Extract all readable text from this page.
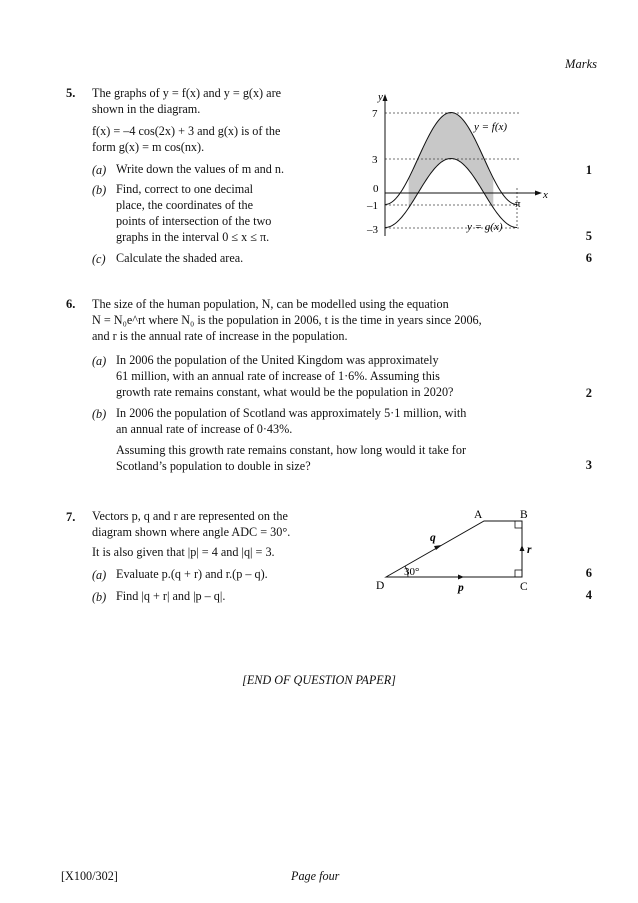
Marks
5. The graphs of y = f(x) and y = g(x) are
shown in the diagram.
f(x) = –4 cos(2x) + 3 and g(x) is of the
form g(x) = m cos(nx).
(a) Write down the values of m and n.
(b) Find, correct to one decimal
place, the coordinates of the
points of intersection of the two
graphs in the interval 0 ≤ x ≤ π.
(c) Calculate the shaded area.
1
5
6
y
x
7
3
0
–1
–3
π
y = f(x)
y = g(x)
6. The size of the human population, N, can be modelled using the equation
N = N₀e^rt where N₀ is the population in 2006, t is the time in years since 2006,
and r is the annual rate of increase in the population.
(a) In 2006 the population of the United Kingdom was approximately
61 million, with an annual rate of increase of 1·6%. Assuming this
growth rate remains constant, what would be the population in 2020?
(b) In 2006 the population of Scotland was approximately 5·1 million, with
an annual rate of increase of 0·43%.
Assuming this growth rate remains constant, how long would it take for
Scotland’s population to double in size?
2
3
7. Vectors p, q and r are represented on the
diagram shown where angle ADC = 30°.
It is also given that |p| = 4 and |q| = 3.
(a) Evaluate p.(q + r) and r.(p – q).
(b) Find |q + r| and |p – q|.
6
4
A	B
C
D
q
r
p
30°
[END OF QUESTION PAPER]
[X100/302]	Page four
